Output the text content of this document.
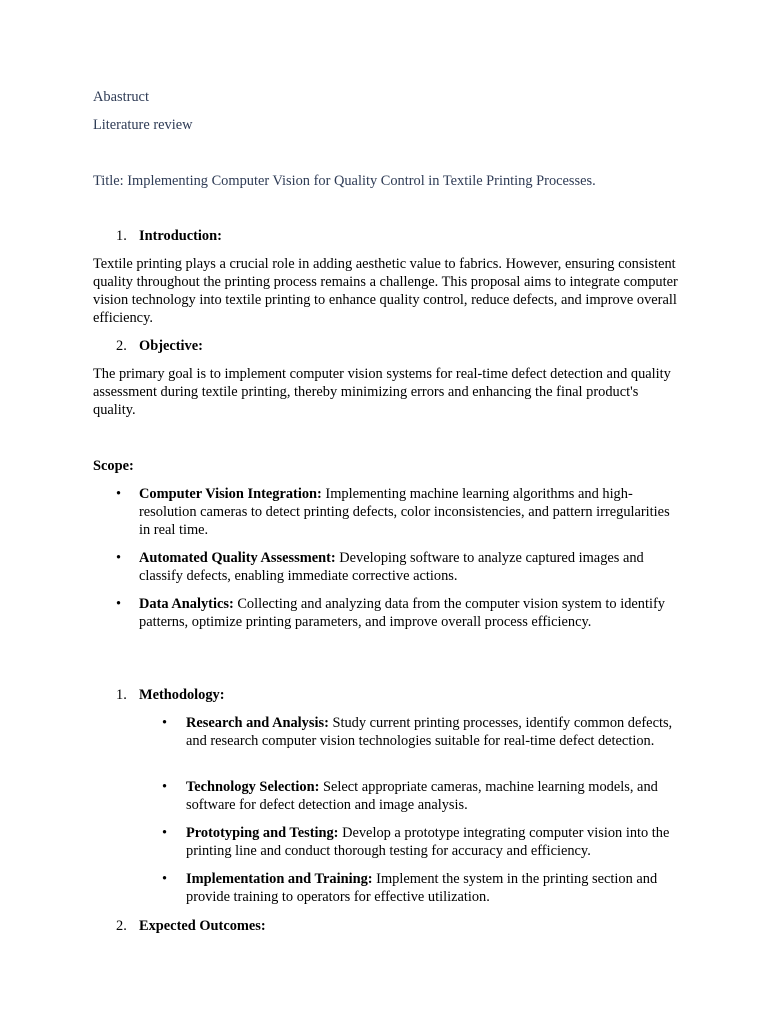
Abastruct
Literature review
Title: Implementing Computer Vision for Quality Control in Textile Printing Processes.
1. Introduction:
Textile printing plays a crucial role in adding aesthetic value to fabrics. However, ensuring consistent quality throughout the printing process remains a challenge. This proposal aims to integrate computer vision technology into textile printing to enhance quality control, reduce defects, and improve overall efficiency.
2. Objective:
The primary goal is to implement computer vision systems for real-time defect detection and quality assessment during textile printing, thereby minimizing errors and enhancing the final product's quality.
Scope:
• Computer Vision Integration: Implementing machine learning algorithms and high-resolution cameras to detect printing defects, color inconsistencies, and pattern irregularities in real time.
• Automated Quality Assessment: Developing software to analyze captured images and classify defects, enabling immediate corrective actions.
• Data Analytics: Collecting and analyzing data from the computer vision system to identify patterns, optimize printing parameters, and improve overall process efficiency.
1. Methodology:
• Research and Analysis: Study current printing processes, identify common defects, and research computer vision technologies suitable for real-time defect detection.
• Technology Selection: Select appropriate cameras, machine learning models, and software for defect detection and image analysis.
• Prototyping and Testing: Develop a prototype integrating computer vision into the printing line and conduct thorough testing for accuracy and efficiency.
• Implementation and Training: Implement the system in the printing section and provide training to operators for effective utilization.
2. Expected Outcomes:
